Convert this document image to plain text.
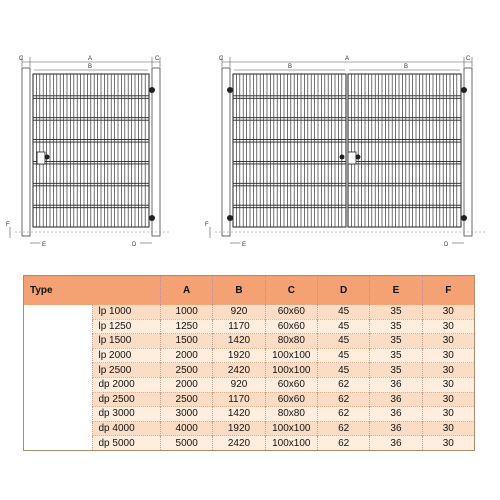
A
C	C
B
F
E	D
A
C	C
B	B
F
E	D
Type		A	B	C	D	E	F
	lp 1000	1000	920	60x60	45	35	30
	lp 1250	1250	1170	60x60	45	35	30
	lp 1500	1500	1420	80x80	45	35	30
	lp 2000	2000	1920	100x100	45	35	30
	lp 2500	2500	2420	100x100	45	35	30
	dp 2000	2000	920	60x60	62	36	30
	dp 2500	2500	1170	60x60	62	36	30
	dp 3000	3000	1420	80x80	62	36	30
	dp 4000	4000	1920	100x100	62	36	30
	dp 5000	5000	2420	100x100	62	36	30
